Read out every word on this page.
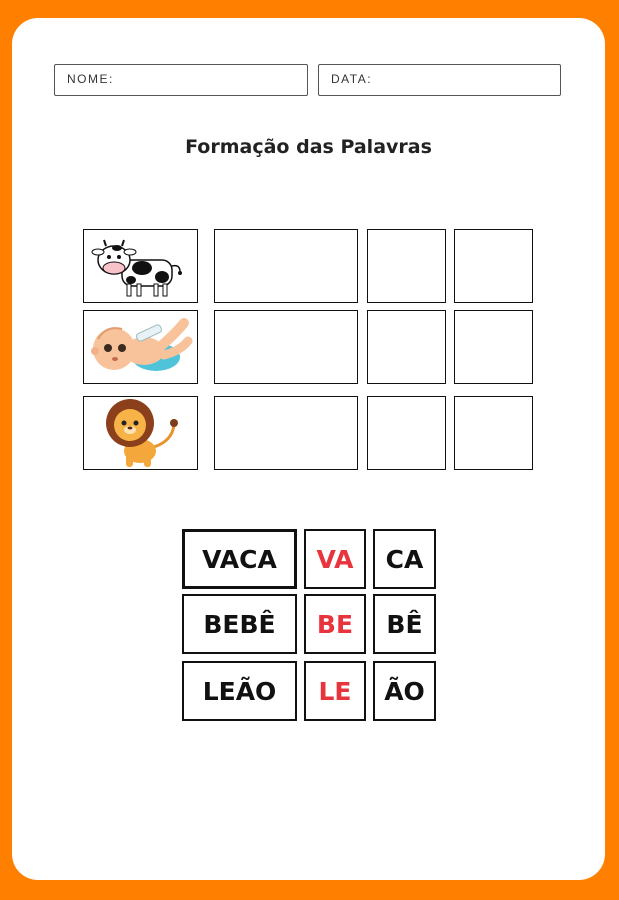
NOME:	DATA:
Formação das Palavras
VACA VA CA
BEBÊ BE BÊ
LEÃO LE ÃO
